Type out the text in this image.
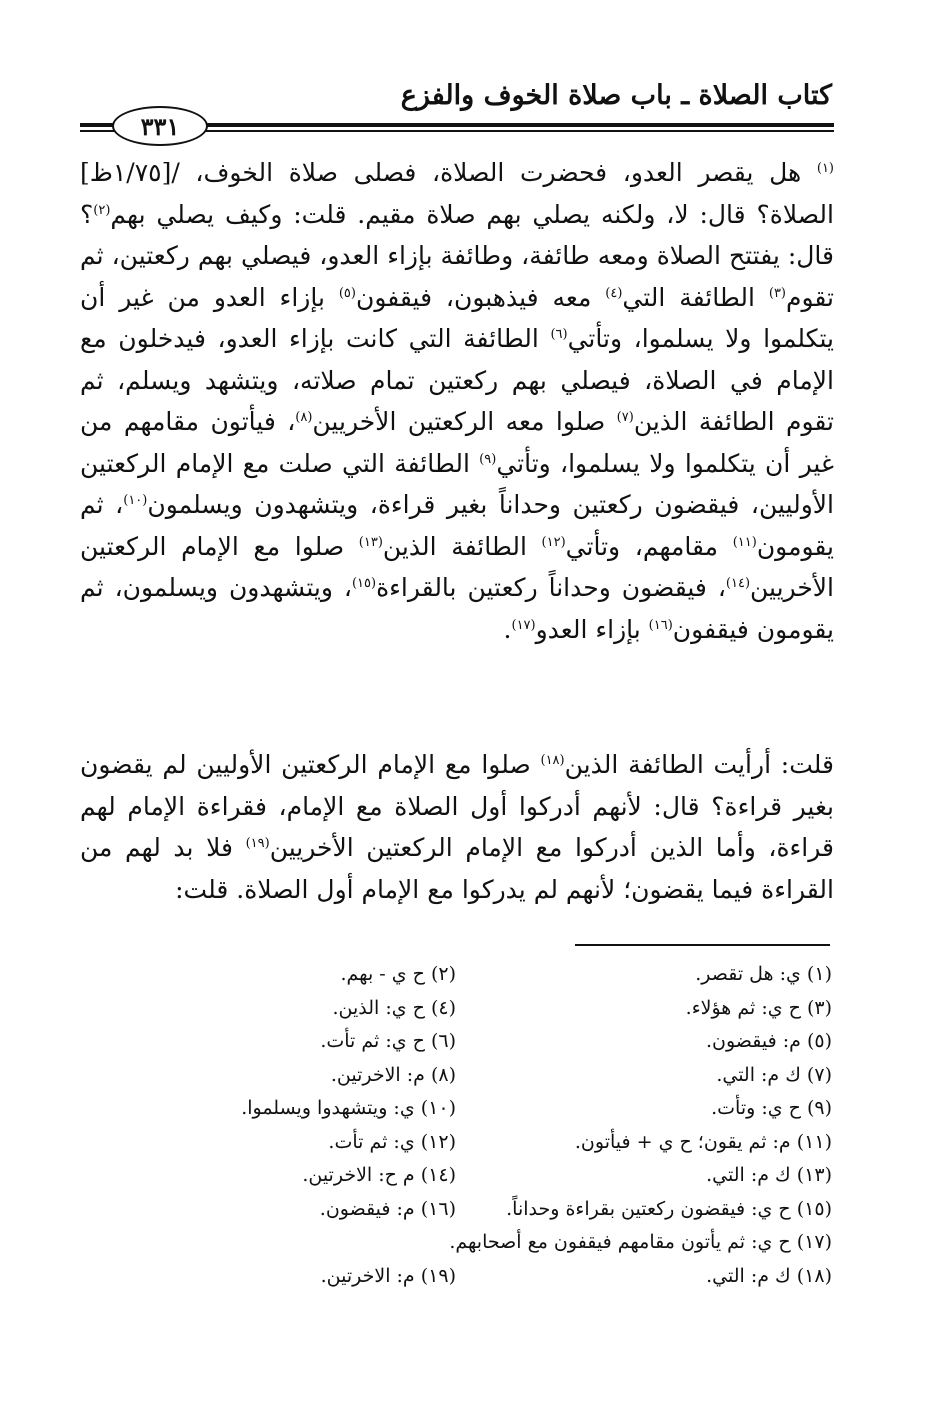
كتاب الصلاة ـ باب صلاة الخوف والفزع
٣٣١

$^{(١)}$ هل يقصر العدو، فحضرت الصلاة، فصلى صلاة الخوف، /[١/٧٥ظ] الصلاة؟ قال: لا، ولكنه يصلي بهم صلاة مقيم. قلت: وكيف يصلي بهم$^{(٢)}$؟ قال: يفتتح الصلاة ومعه طائفة، وطائفة بإزاء العدو، فيصلي بهم ركعتين، ثم تقوم$^{(٣)}$ الطائفة التي$^{(٤)}$ معه فيذهبون، فيقفون$^{(٥)}$ بإزاء العدو من غير أن يتكلموا ولا يسلموا، وتأتي$^{(٦)}$ الطائفة التي كانت بإزاء العدو، فيدخلون مع الإمام في الصلاة، فيصلي بهم ركعتين تمام صلاته، ويتشهد ويسلم، ثم تقوم الطائفة الذين$^{(٧)}$ صلوا معه الركعتين الأخريين$^{(٨)}$، فيأتون مقامهم من غير أن يتكلموا ولا يسلموا، وتأتي$^{(٩)}$ الطائفة التي صلت مع الإمام الركعتين الأوليين، فيقضون ركعتين وحداناً بغير قراءة، ويتشهدون ويسلمون$^{(١٠)}$، ثم يقومون$^{(١١)}$ مقامهم، وتأتي$^{(١٢)}$ الطائفة الذين$^{(١٣)}$ صلوا مع الإمام الركعتين الأخريين$^{(١٤)}$، فيقضون وحداناً ركعتين بالقراءة$^{(١٥)}$، ويتشهدون ويسلمون، ثم يقومون فيقفون$^{(١٦)}$ بإزاء العدو$^{(١٧)}$.

قلت: أرأيت الطائفة الذين$^{(١٨)}$ صلوا مع الإمام الركعتين الأوليين لم يقضون بغير قراءة؟ قال: لأنهم أدركوا أول الصلاة مع الإمام، فقراءة الإمام لهم قراءة، وأما الذين أدركوا مع الإمام الركعتين الأخريين$^{(١٩)}$ فلا بد لهم من القراءة فيما يقضون؛ لأنهم لم يدركوا مع الإمام أول الصلاة. قلت:

(١) ي: هل تقصر.
(٢) ح ي - بهم.
(٣) ح ي: ثم هؤلاء.
(٤) ح ي: الذين.
(٥) م: فيقضون.
(٦) ح ي: ثم تأت.
(٧) ك م: التي.
(٨) م: الاخرتين.
(٩) ح ي: وتأت.
(١٠) ي: ويتشهدوا ويسلموا.
(١١) م: ثم يقون؛ ح ي + فيأتون.
(١٢) ي: ثم تأت.
(١٣) ك م: التي.
(١٤) م ح: الاخرتين.
(١٥) ح ي: فيقضون ركعتين بقراءة وحداناً.
(١٦) م: فيقضون.
(١٧) ح ي: ثم يأتون مقامهم فيقفون مع أصحابهم.
(١٨) ك م: التي.
(١٩) م: الاخرتين.
